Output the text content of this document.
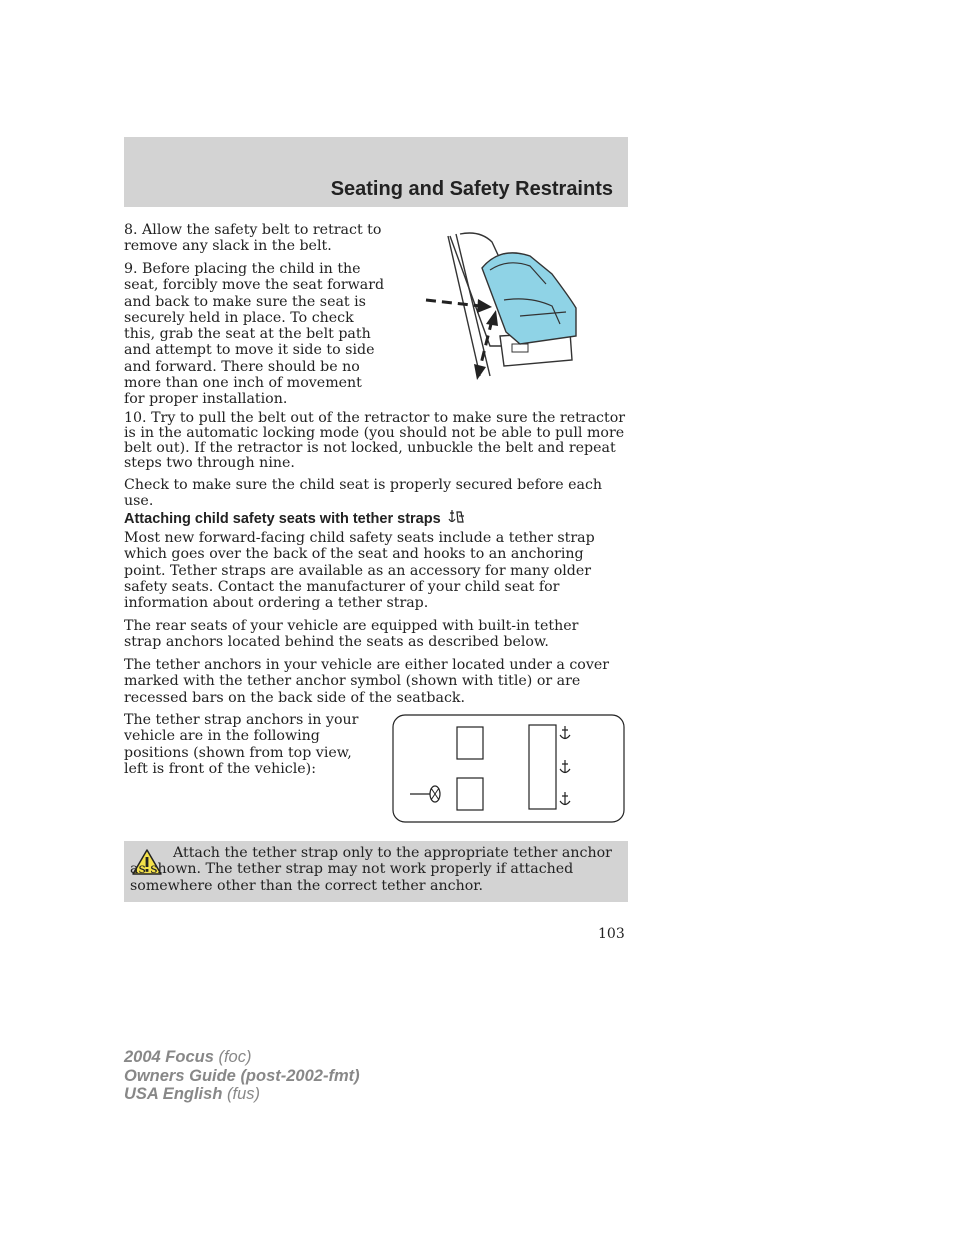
Seating and Safety Restraints

8. Allow the safety belt to retract to remove any slack in the belt.

9. Before placing the child in the seat, forcibly move the seat forward and back to make sure the seat is securely held in place. To check this, grab the seat at the belt path and attempt to move it side to side and forward. There should be no more than one inch of movement for proper installation.

10. Try to pull the belt out of the retractor to make sure the retractor is in the automatic locking mode (you should not be able to pull more belt out). If the retractor is not locked, unbuckle the belt and repeat steps two through nine.

Check to make sure the child seat is properly secured before each use.

Attaching child safety seats with tether straps

Most new forward-facing child safety seats include a tether strap which goes over the back of the seat and hooks to an anchoring point. Tether straps are available as an accessory for many older safety seats. Contact the manufacturer of your child seat for information about ordering a tether strap.

The rear seats of your vehicle are equipped with built-in tether strap anchors located behind the seats as described below.

The tether anchors in your vehicle are either located under a cover marked with the tether anchor symbol (shown with title) or are recessed bars on the back side of the seatback.

The tether strap anchors in your vehicle are in the following positions (shown from top view, left is front of the vehicle):

Attach the tether strap only to the appropriate tether anchor as shown. The tether strap may not work properly if attached somewhere other than the correct tether anchor.

103
2004 Focus (foc)
Owners Guide (post-2002-fmt)
USA English (fus)
